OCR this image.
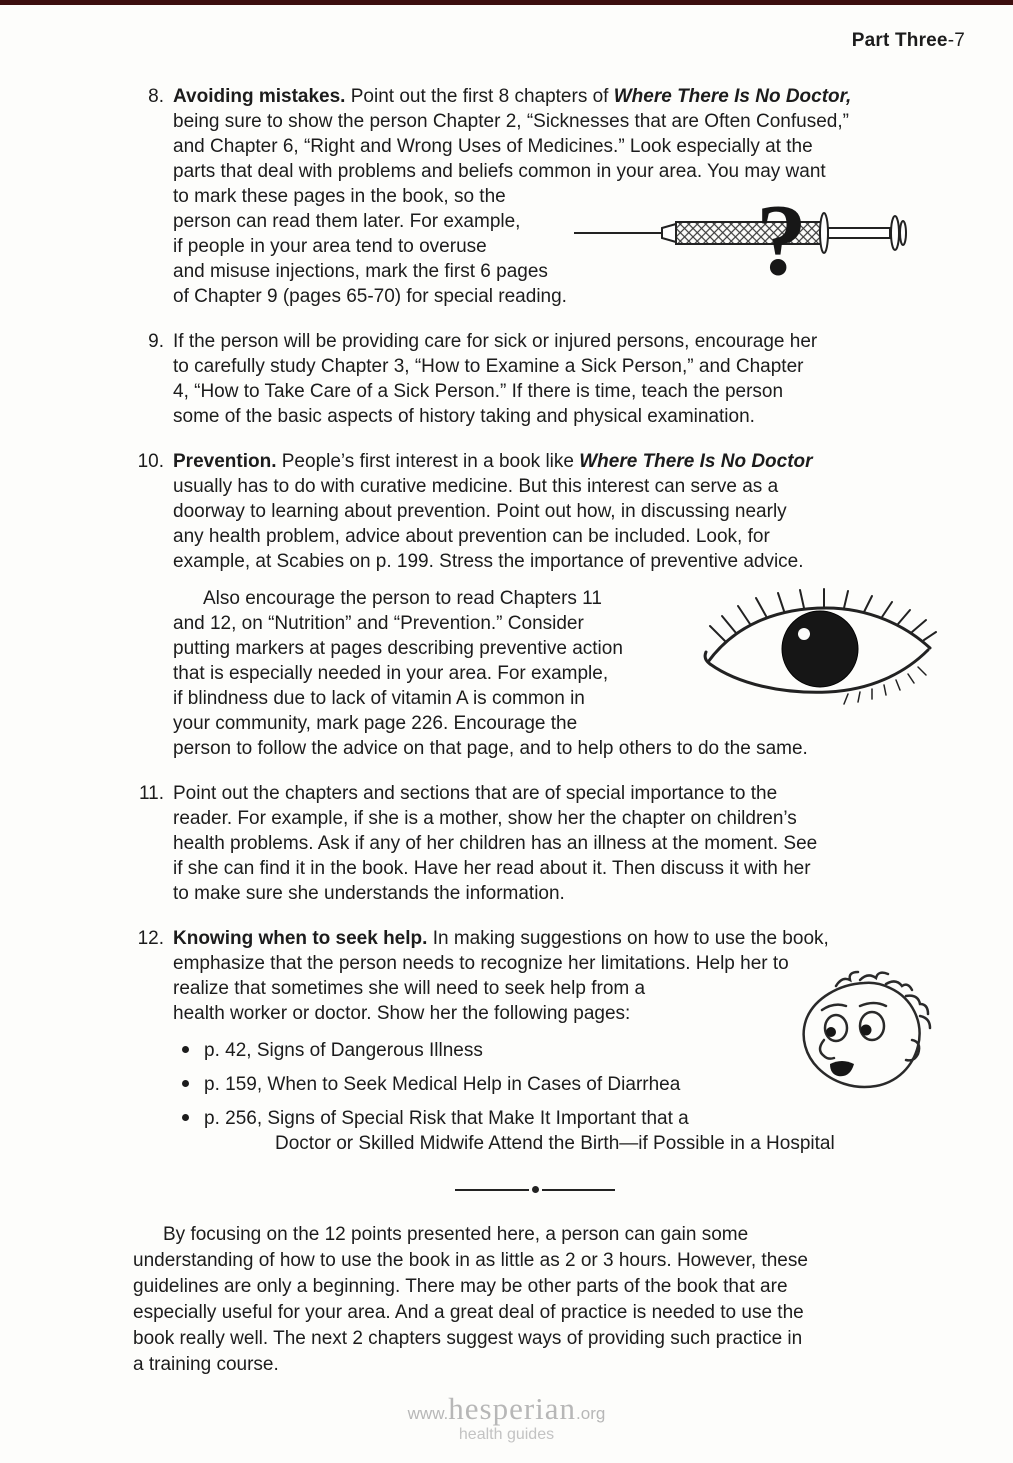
Part Three-7
8. Avoiding mistakes. Point out the first 8 chapters of Where There Is No Doctor,
being sure to show the person Chapter 2, “Sicknesses that are Often Confused,”
and Chapter 6, “Right and Wrong Uses of Medicines.” Look especially at the
parts that deal with problems and beliefs common in your area. You may want
to mark these pages in the book, so the
person can read them later. For example,
if people in your area tend to overuse
and misuse injections, mark the first 6 pages
of Chapter 9 (pages 65-70) for special reading.
9. If the person will be providing care for sick or injured persons, encourage her
to carefully study Chapter 3, “How to Examine a Sick Person,” and Chapter
4, “How to Take Care of a Sick Person.” If there is time, teach the person
some of the basic aspects of history taking and physical examination.
10. Prevention. People’s first interest in a book like Where There Is No Doctor
usually has to do with curative medicine. But this interest can serve as a
doorway to learning about prevention. Point out how, in discussing nearly
any health problem, advice about prevention can be included. Look, for
example, at Scabies on p. 199. Stress the importance of preventive advice.
Also encourage the person to read Chapters 11
and 12, on “Nutrition” and “Prevention.” Consider
putting markers at pages describing preventive action
that is especially needed in your area. For example,
if blindness due to lack of vitamin A is common in
your community, mark page 226. Encourage the
person to follow the advice on that page, and to help others to do the same.
11. Point out the chapters and sections that are of special importance to the
reader. For example, if she is a mother, show her the chapter on children’s
health problems. Ask if any of her children has an illness at the moment. See
if she can find it in the book. Have her read about it. Then discuss it with her
to make sure she understands the information.
12. Knowing when to seek help. In making suggestions on how to use the book,
emphasize that the person needs to recognize her limitations. Help her to
realize that sometimes she will need to seek help from a
health worker or doctor. Show her the following pages:
p. 42, Signs of Dangerous Illness
p. 159, When to Seek Medical Help in Cases of Diarrhea
p. 256, Signs of Special Risk that Make It Important that a
Doctor or Skilled Midwife Attend the Birth—if Possible in a Hospital
?
By focusing on the 12 points presented here, a person can gain some
understanding of how to use the book in as little as 2 or 3 hours. However, these
guidelines are only a beginning. There may be other parts of the book that are
especially useful for your area. And a great deal of practice is needed to use the
book really well. The next 2 chapters suggest ways of providing such practice in
a training course.
www.hesperian.org
health guides
